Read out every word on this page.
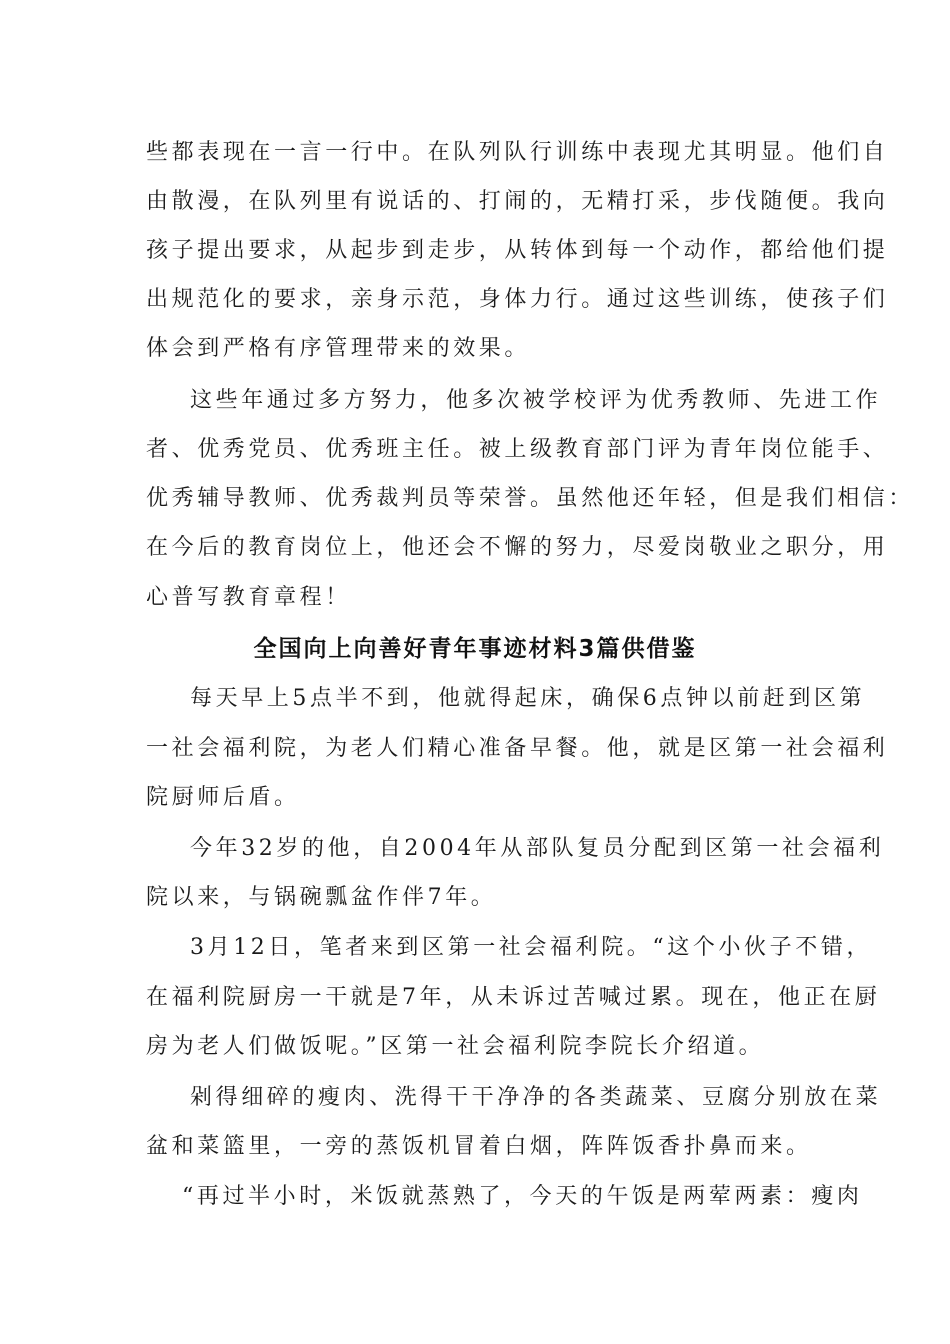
些都表现在一言一行中。在队列队行训练中表现尤其明显。他们自
由散漫，在队列里有说话的、打闹的，无精打采，步伐随便。我向
孩子提出要求，从起步到走步，从转体到每一个动作，都给他们提
出规范化的要求，亲身示范，身体力行。通过这些训练，使孩子们
体会到严格有序管理带来的效果。
这些年通过多方努力，他多次被学校评为优秀教师、先进工作
者、优秀党员、优秀班主任。被上级教育部门评为青年岗位能手、
优秀辅导教师、优秀裁判员等荣誉。虽然他还年轻，但是我们相信：
在今后的教育岗位上，他还会不懈的努力，尽爱岗敬业之职分，用
心普写教育章程！
全国向上向善好青年事迹材料3篇供借鉴
每天早上5点半不到，他就得起床，确保6点钟以前赶到区第
一社会福利院，为老人们精心准备早餐。他，就是区第一社会福利
院厨师后盾。
今年32岁的他，自2004年从部队复员分配到区第一社会福利
院以来，与锅碗瓢盆作伴7年。
3月12日，笔者来到区第一社会福利院。“这个小伙子不错，
在福利院厨房一干就是7年，从未诉过苦喊过累。现在，他正在厨
房为老人们做饭呢。”区第一社会福利院李院长介绍道。
剁得细碎的瘦肉、洗得干干净净的各类蔬菜、豆腐分别放在菜
盆和菜篮里，一旁的蒸饭机冒着白烟，阵阵饭香扑鼻而来。
“再过半小时，米饭就蒸熟了，今天的午饭是两荤两素：瘦肉
